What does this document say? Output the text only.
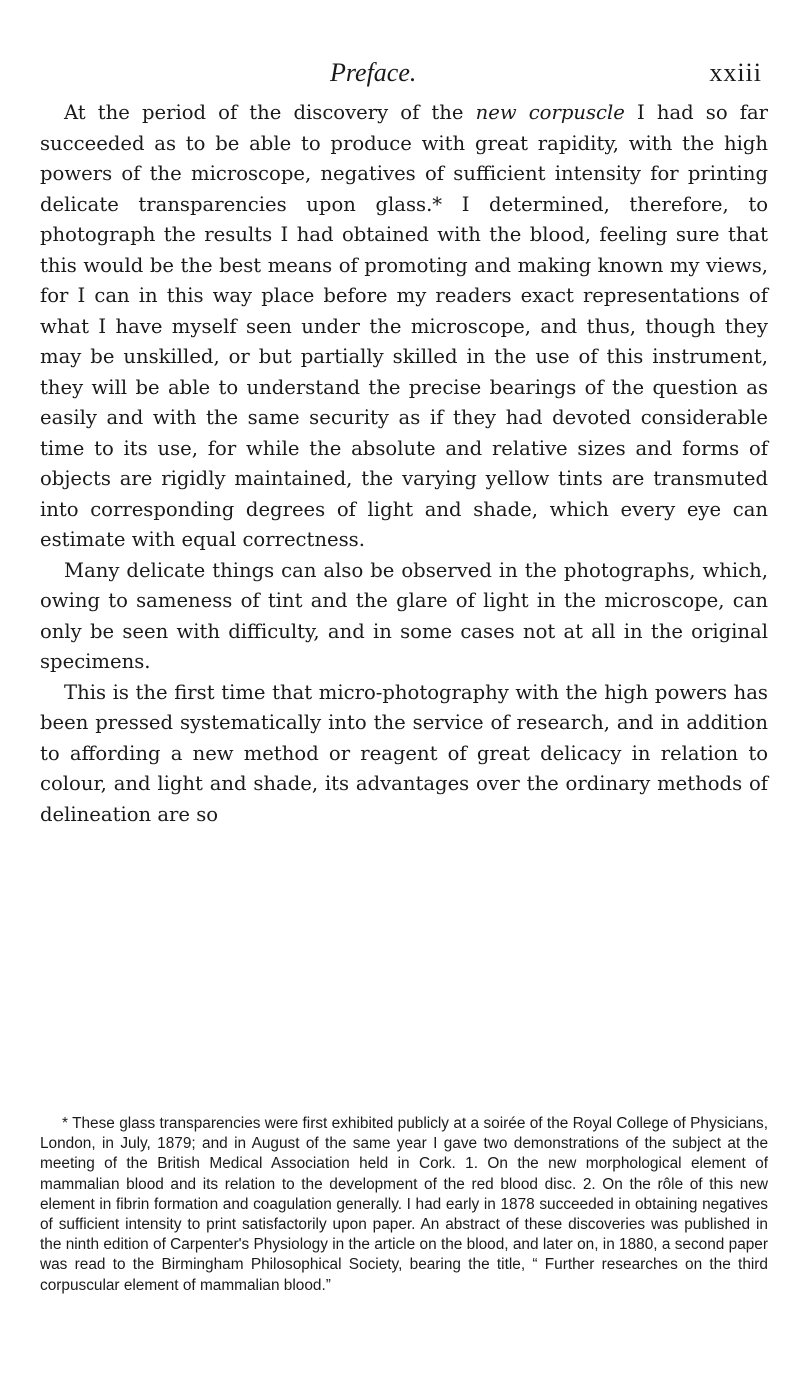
Preface.	xxiii

At the period of the discovery of the new corpuscle I had so far succeeded as to be able to produce with great rapidity, with the high powers of the microscope, negatives of sufficient intensity for printing delicate transparencies upon glass.* I determined, therefore, to photograph the results I had obtained with the blood, feeling sure that this would be the best means of promoting and making known my views, for I can in this way place before my readers exact representations of what I have myself seen under the microscope, and thus, though they may be unskilled, or but partially skilled in the use of this instrument, they will be able to understand the precise bearings of the question as easily and with the same security as if they had devoted considerable time to its use, for while the absolute and relative sizes and forms of objects are rigidly maintained, the varying yellow tints are transmuted into corresponding degrees of light and shade, which every eye can estimate with equal correctness.

Many delicate things can also be observed in the photographs, which, owing to sameness of tint and the glare of light in the microscope, can only be seen with difficulty, and in some cases not at all in the original specimens.

This is the first time that micro-photography with the high powers has been pressed systematically into the service of research, and in addition to affording a new method or reagent of great delicacy in relation to colour, and light and shade, its advantages over the ordinary methods of delineation are so

* These glass transparencies were first exhibited publicly at a soirée of the Royal College of Physicians, London, in July, 1879; and in August of the same year I gave two demonstrations of the subject at the meeting of the British Medical Association held in Cork. 1. On the new morphological element of mammalian blood and its relation to the development of the red blood disc. 2. On the rôle of this new element in fibrin formation and coagulation generally. I had early in 1878 succeeded in obtaining negatives of sufficient intensity to print satisfactorily upon paper. An abstract of these discoveries was published in the ninth edition of Carpenter's Physiology in the article on the blood, and later on, in 1880, a second paper was read to the Birmingham Philosophical Society, bearing the title, “ Further researches on the third corpuscular element of mammalian blood.”
